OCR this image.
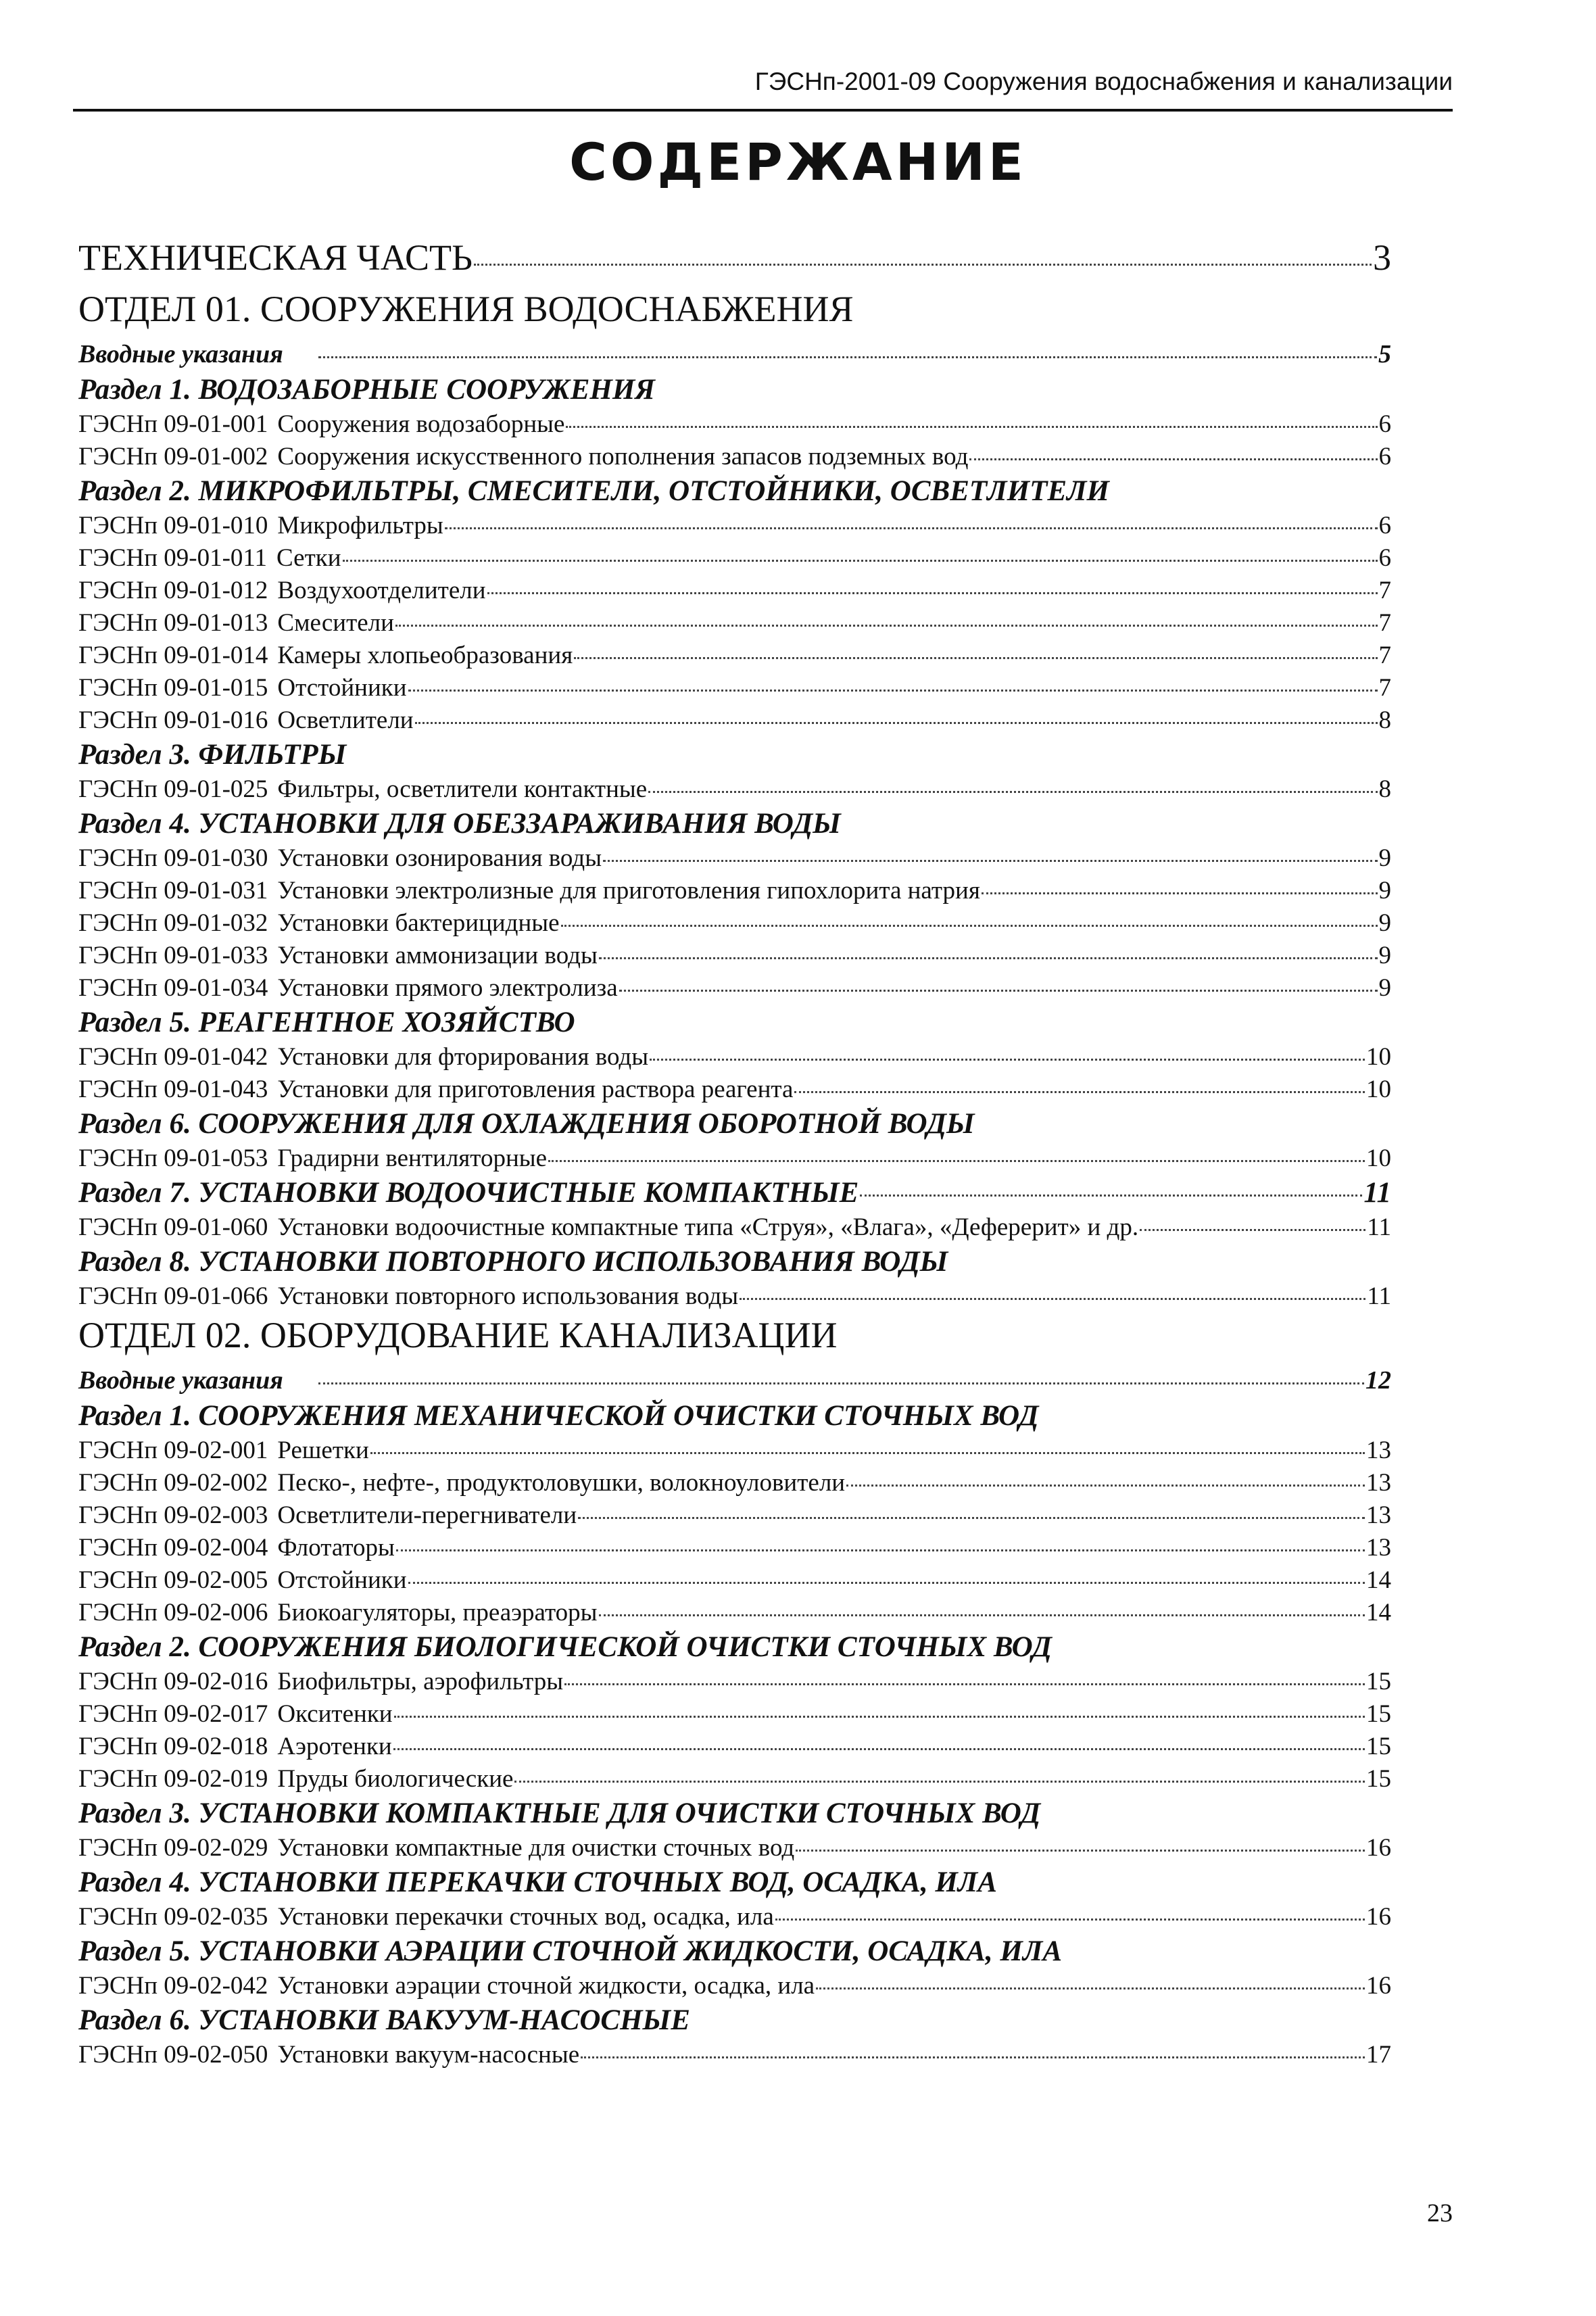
ГЭСНп-2001-09 Сооружения водоснабжения и канализации

СОДЕРЖАНИЕ
ТЕХНИЧЕСКАЯ ЧАСТЬ	3
ОТДЕЛ 01. СООРУЖЕНИЯ ВОДОСНАБЖЕНИЯ
Вводные указания	5
Раздел 1. ВОДОЗАБОРНЫЕ СООРУЖЕНИЯ
ГЭСНп 09-01-001 Сооружения водозаборные	6
ГЭСНп 09-01-002 Сооружения искусственного пополнения запасов подземных вод	6
Раздел 2. МИКРОФИЛЬТРЫ, СМЕСИТЕЛИ, ОТСТОЙНИКИ, ОСВЕТЛИТЕЛИ
ГЭСНп 09-01-010 Микрофильтры	6
ГЭСНп 09-01-011 Сетки	6
ГЭСНп 09-01-012 Воздухоотделители	7
ГЭСНп 09-01-013 Смесители	7
ГЭСНп 09-01-014 Камеры хлопьеобразования	7
ГЭСНп 09-01-015 Отстойники	7
ГЭСНп 09-01-016 Осветлители	8
Раздел 3. ФИЛЬТРЫ
ГЭСНп 09-01-025 Фильтры, осветлители контактные	8
Раздел 4. УСТАНОВКИ ДЛЯ ОБЕЗЗАРАЖИВАНИЯ ВОДЫ
ГЭСНп 09-01-030 Установки озонирования воды	9
ГЭСНп 09-01-031 Установки электролизные для приготовления гипохлорита натрия	9
ГЭСНп 09-01-032 Установки бактерицидные	9
ГЭСНп 09-01-033 Установки аммонизации воды	9
ГЭСНп 09-01-034 Установки прямого электролиза	9
Раздел 5. РЕАГЕНТНОЕ ХОЗЯЙСТВО
ГЭСНп 09-01-042 Установки для фторирования воды	10
ГЭСНп 09-01-043 Установки для приготовления раствора реагента	10
Раздел 6. СООРУЖЕНИЯ ДЛЯ ОХЛАЖДЕНИЯ ОБОРОТНОЙ ВОДЫ
ГЭСНп 09-01-053 Градирни вентиляторные	10
Раздел 7. УСТАНОВКИ ВОДООЧИСТНЫЕ КОМПАКТНЫЕ	11
ГЭСНп 09-01-060 Установки водоочистные компактные типа «Струя», «Влага», «Деферерит» и др.	11
Раздел 8. УСТАНОВКИ ПОВТОРНОГО ИСПОЛЬЗОВАНИЯ ВОДЫ
ГЭСНп 09-01-066 Установки повторного использования воды	11
ОТДЕЛ 02. ОБОРУДОВАНИЕ КАНАЛИЗАЦИИ
Вводные указания	12
Раздел 1. СООРУЖЕНИЯ МЕХАНИЧЕСКОЙ ОЧИСТКИ СТОЧНЫХ ВОД
ГЭСНп 09-02-001 Решетки	13
ГЭСНп 09-02-002 Песко-, нефте-, продуктоловушки, волокноуловители	13
ГЭСНп 09-02-003 Осветлители-перегниватели	13
ГЭСНп 09-02-004 Флотаторы	13
ГЭСНп 09-02-005 Отстойники	14
ГЭСНп 09-02-006 Биокоагуляторы, преаэраторы	14
Раздел 2. СООРУЖЕНИЯ БИОЛОГИЧЕСКОЙ ОЧИСТКИ СТОЧНЫХ ВОД
ГЭСНп 09-02-016 Биофильтры, аэрофильтры	15
ГЭСНп 09-02-017 Окситенки	15
ГЭСНп 09-02-018 Аэротенки	15
ГЭСНп 09-02-019 Пруды биологические	15
Раздел 3. УСТАНОВКИ КОМПАКТНЫЕ ДЛЯ ОЧИСТКИ СТОЧНЫХ ВОД
ГЭСНп 09-02-029 Установки компактные для очистки сточных вод	16
Раздел 4. УСТАНОВКИ ПЕРЕКАЧКИ СТОЧНЫХ ВОД, ОСАДКА, ИЛА
ГЭСНп 09-02-035 Установки перекачки сточных вод, осадка, ила	16
Раздел 5. УСТАНОВКИ АЭРАЦИИ СТОЧНОЙ ЖИДКОСТИ, ОСАДКА, ИЛА
ГЭСНп 09-02-042 Установки аэрации сточной жидкости, осадка, ила	16
Раздел 6. УСТАНОВКИ ВАКУУМ-НАСОСНЫЕ
ГЭСНп 09-02-050 Установки вакуум-насосные	17

23
